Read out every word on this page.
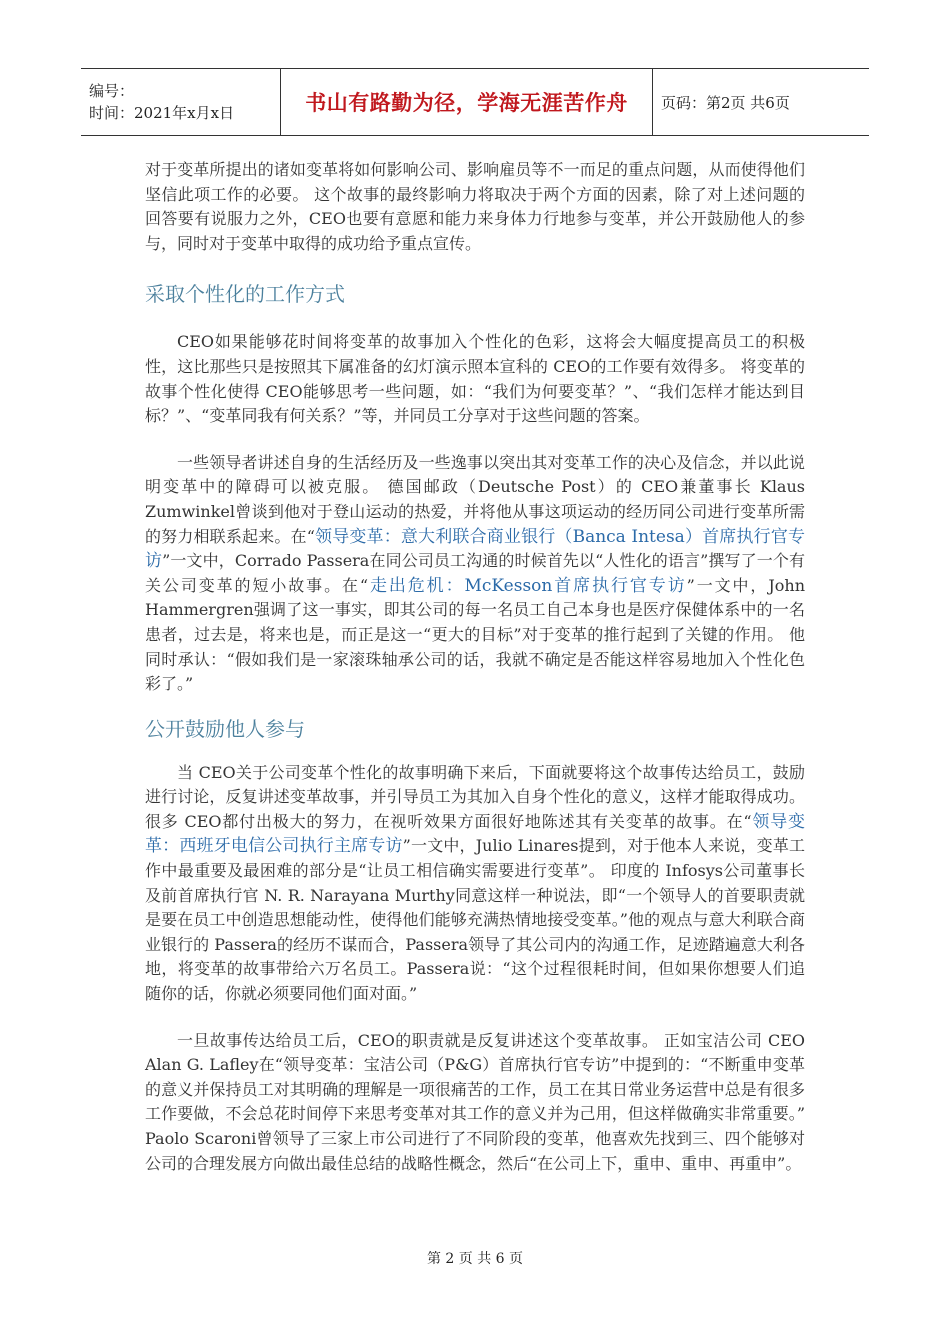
编号：
时间：2021年x月x日	书山有路勤为径，学海无涯苦作舟 页码：第2页 共6页

对于变革所提出的诸如变革将如何影响公司、影响雇员等不一而足的重点问题，从而使得他们坚信此项工作的必要。 这个故事的最终影响力将取决于两个方面的因素，除了对上述问题的回答要有说服力之外，CEO也要有意愿和能力来身体力行地参与变革，并公开鼓励他人的参与，同时对于变革中取得的成功给予重点宣传。

采取个性化的工作方式

CEO如果能够花时间将变革的故事加入个性化的色彩，这将会大幅度提高员工的积极性，这比那些只是按照其下属准备的幻灯演示照本宣科的 CEO的工作要有效得多。 将变革的故事个性化使得 CEO能够思考一些问题，如：“我们为何要变革？”、“我们怎样才能达到目标？”、“变革同我有何关系？”等，并同员工分享对于这些问题的答案。

一些领导者讲述自身的生活经历及一些逸事以突出其对变革工作的决心及信念，并以此说明变革中的障碍可以被克服。 德国邮政（Deutsche Post）的 CEO兼董事长 Klaus Zumwinkel曾谈到他对于登山运动的热爱，并将他从事这项运动的经历同公司进行变革所需的努力相联系起来。在“领导变革：意大利联合商业银行（Banca Intesa）首席执行官专访”一文中，Corrado Passera在同公司员工沟通的时候首先以“人性化的语言”撰写了一个有关公司变革的短小故事。在“走出危机：McKesson首席执行官专访”一文中，John Hammergren强调了这一事实，即其公司的每一名员工自己本身也是医疗保健体系中的一名患者，过去是，将来也是，而正是这一“更大的目标”对于变革的推行起到了关键的作用。 他同时承认：“假如我们是一家滚珠轴承公司的话，我就不确定是否能这样容易地加入个性化色彩了。”

公开鼓励他人参与

当 CEO关于公司变革个性化的故事明确下来后，下面就要将这个故事传达给员工，鼓励进行讨论，反复讲述变革故事，并引导员工为其加入自身个性化的意义，这样才能取得成功。 很多 CEO都付出极大的努力，在视听效果方面很好地陈述其有关变革的故事。在“领导变革：西班牙电信公司执行主席专访”一文中，Julio Linares提到，对于他本人来说，变革工作中最重要及最困难的部分是“让员工相信确实需要进行变革”。 印度的 Infosys公司董事长及前首席执行官 N. R. Narayana Murthy同意这样一种说法，即“一个领导人的首要职责就是要在员工中创造思想能动性，使得他们能够充满热情地接受变革。”他的观点与意大利联合商业银行的 Passera的经历不谋而合，Passera领导了其公司内的沟通工作，足迹踏遍意大利各地，将变革的故事带给六万名员工。Passera说：“这个过程很耗时间，但如果你想要人们追随你的话，你就必须要同他们面对面。”

一旦故事传达给员工后，CEO的职责就是反复讲述这个变革故事。 正如宝洁公司 CEO Alan G. Lafley在“领导变革：宝洁公司（P&G）首席执行官专访”中提到的：“不断重申变革的意义并保持员工对其明确的理解是一项很痛苦的工作，员工在其日常业务运营中总是有很多工作要做，不会总花时间停下来思考变革对其工作的意义并为己用，但这样做确实非常重要。” Paolo Scaroni曾领导了三家上市公司进行了不同阶段的变革，他喜欢先找到三、四个能够对公司的合理发展方向做出最佳总结的战略性概念，然后“在公司上下，重申、重申、再重申”。

第 2 页 共 6 页
